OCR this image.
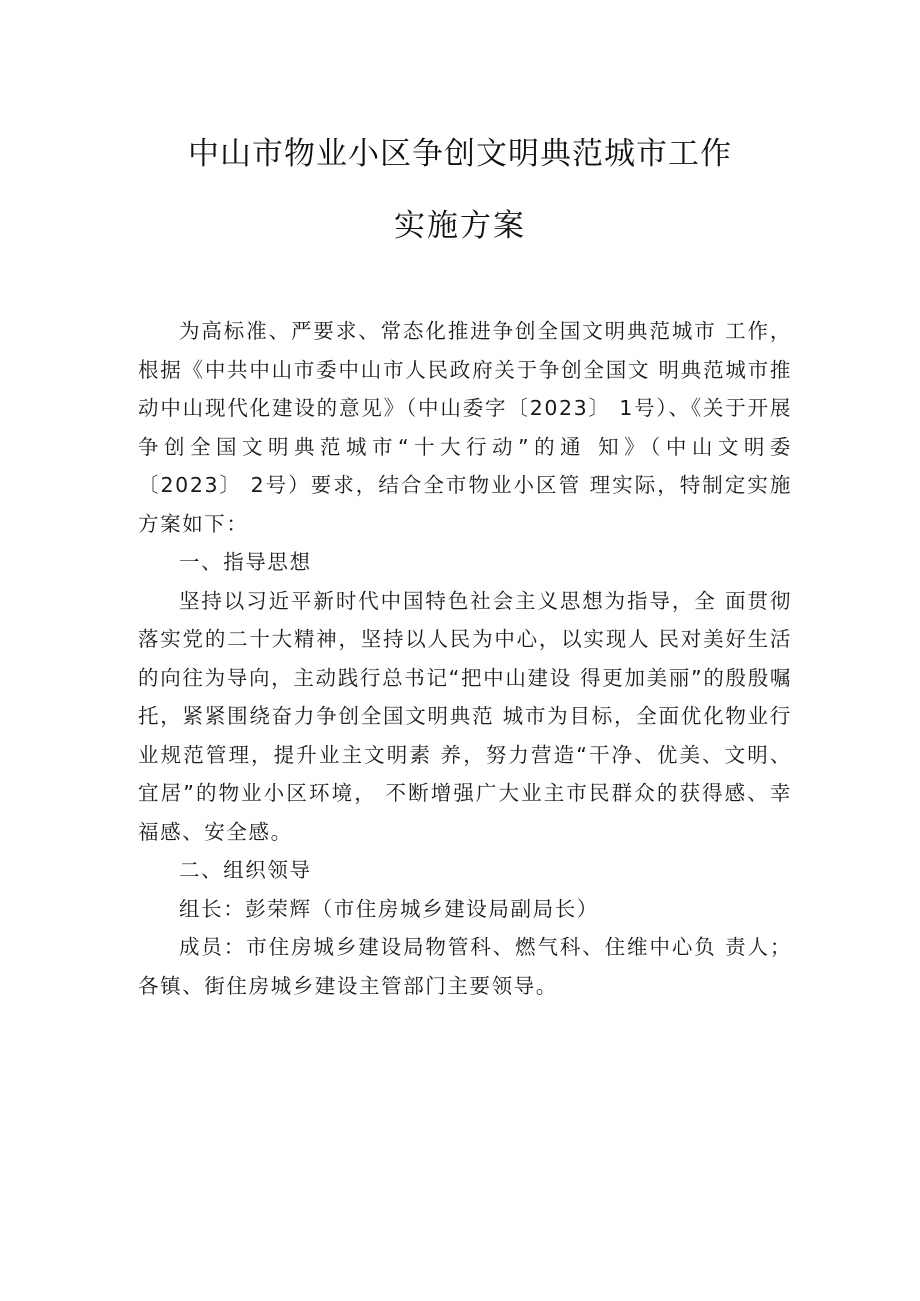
中山市物业小区争创文明典范城市工作
实施方案

为高标准、严要求、常态化推进争创全国文明典范城市 工作，根据《中共中山市委中山市人民政府关于争创全国文 明典范城市推动中山现代化建设的意见》（中山委字〔2023〕 1号）、《关于开展争创全国文明典范城市“十大行动”的通 知》（中山文明委〔2023〕 2号）要求，结合全市物业小区管 理实际，特制定实施方案如下：

一、指导思想

坚持以习近平新时代中国特色社会主义思想为指导，全 面贯彻落实党的二十大精神，坚持以人民为中心，以实现人 民对美好生活的向往为导向，主动践行总书记“把中山建设 得更加美丽”的殷殷嘱托，紧紧围绕奋力争创全国文明典范 城市为目标，全面优化物业行业规范管理，提升业主文明素 养，努力营造“干净、优美、文明、宜居”的物业小区环境， 不断增强广大业主市民群众的获得感、幸福感、安全感。

二、组织领导

组长：彭荣辉（市住房城乡建设局副局长）

成员：市住房城乡建设局物管科、燃气科、住维中心负 责人；各镇、街住房城乡建设主管部门主要领导。
